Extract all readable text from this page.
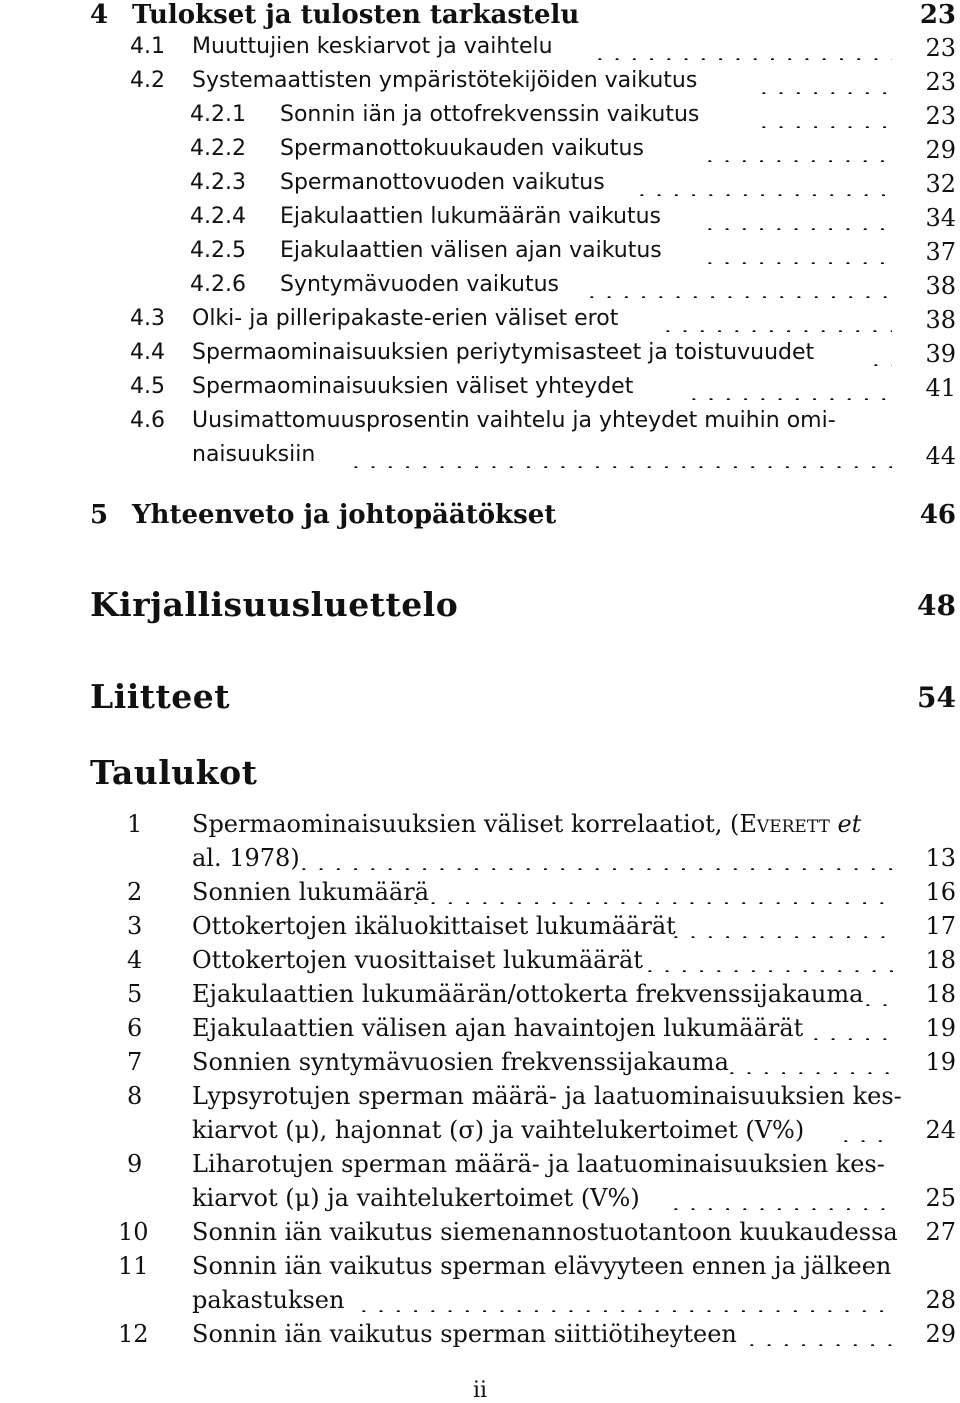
4 Tulokset ja tulosten tarkastelu	23
4.1 Muuttujien keskiarvot ja vaihtelu . . .	23
4.2 Systemaattisten ympäristötekijöiden vaikutus . . .	23
4.2.1 Sonnin iän ja ottofrekvenssin vaikutus . . .	23
4.2.2 Spermanottokuukauden vaikutus . . .	29
4.2.3 Spermanottovuoden vaikutus . . .	32
4.2.4 Ejakulaattien lukumäärän vaikutus . . .	34
4.2.5 Ejakulaattien välisen ajan vaikutus . . .	37
4.2.6 Syntymävuoden vaikutus . . .	38
4.3 Olki- ja pilleripakaste-erien väliset erot . . .	38
4.4 Spermaominaisuuksien periytymisasteet ja toistuvuudet . . .	39
4.5 Spermaominaisuuksien väliset yhteydet . . .	41
4.6 Uusimattomuusprosentin vaihtelu ja yhteydet muihin omi-
naisuuksiin . . .	44
5 Yhteenveto ja johtopäätökset	46
Kirjallisuusluettelo	48
Liitteet	54
Taulukot
1 Spermaominaisuuksien väliset korrelaatiot, (Everett et
al. 1978) . . .	13
2 Sonnien lukumäärä . . .	16
3 Ottokertojen ikäluokittaiset lukumäärät . . .	17
4 Ottokertojen vuosittaiset lukumäärät . . .	18
5 Ejakulaattien lukumäärän/ottokerta frekvenssijakauma . . .	18
6 Ejakulaattien välisen ajan havaintojen lukumäärät . . .	19
7 Sonnien syntymävuosien frekvenssijakauma . . .	19
8 Lypsyrotujen sperman määrä- ja laatuominaisuuksien kes-
kiarvot (μ), hajonnat (σ) ja vaihtelukertoimet (V%) . . .	24
9 Liharotujen sperman määrä- ja laatuominaisuuksien kes-
kiarvot (μ) ja vaihtelukertoimet (V%) . . .	25
10 Sonnin iän vaikutus siemenannostuotantoon kuukaudessa 27
11 Sonnin iän vaikutus sperman elävyyteen ennen ja jälkeen
pakastuksen . . .	28
12 Sonnin iän vaikutus sperman siittiötiheyteen . . .	29
ii
